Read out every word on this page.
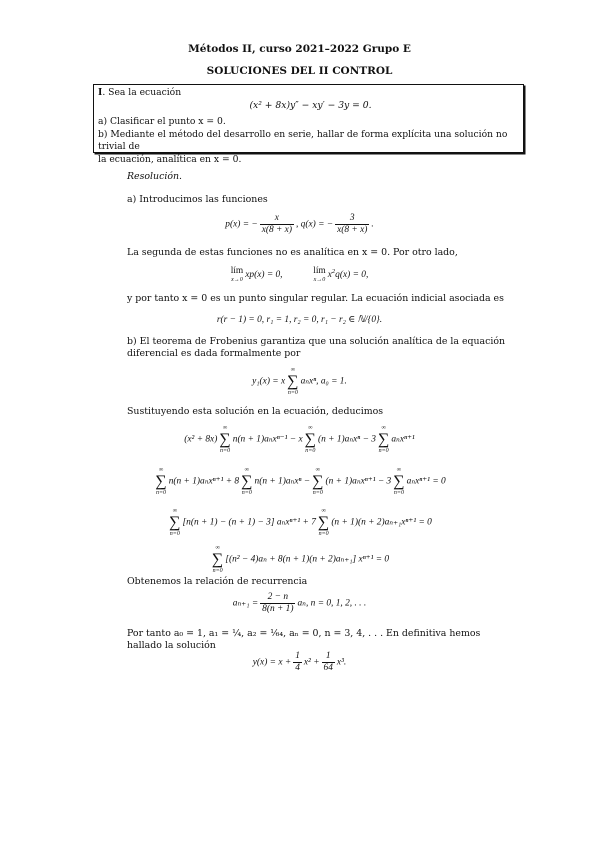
Métodos II, curso 2021–2022 Grupo E
SOLUCIONES DEL II CONTROL

I. Sea la ecuación

(x² + 8x)y″ − xy′ − 3y = 0.

a) Clasificar el punto x = 0.

b) Mediante el método del desarrollo en serie, hallar de forma explícita una solución no trivial de

la ecuación, analítica en x = 0.

Resolución.
a) Introducimos las funciones
p(x) = − $\frac{x}{x(8 + x)}$ , q(x) = − $\frac{3}{x(8 + x)}$ .
La segunda de estas funciones no es analítica en x = 0. Por otro lado,
lím
x→0 xp(x) = 0,	lím
x→0 $x^2q(x) = 0$,
y por tanto x = 0 es un punto singular regular. La ecuación indicial asociada es
r(r − 1) = 0, r₁ = 1, r₂ = 0, r₁ − r₂ ∈ ℕ/{0}.
b) El teorema de Frobenius garantiza que una solución analítica de la equación
diferencial es dada formalmente por
y₁(x) = x
∞
∑
n=0
aₙxⁿ, a₀ = 1.
Sustituyendo esta solución en la ecuación, deducimos
(x² + 8x)
∞
∑
n=0
n(n + 1)aₙxⁿ⁻¹ − x
∞
∑
n=0
(n + 1)aₙxⁿ − 3
∞
∑
n=0
aₙxⁿ⁺¹
∞
∑
n=0
n(n + 1)aₙxⁿ⁺¹ + 8
∞
∑
n=0
n(n + 1)aₙxⁿ −
∞
∑
n=0
(n + 1)aₙxⁿ⁺¹ − 3
∞
∑
n=0
aₙxⁿ⁺¹ = 0
∞
∑
n=0
[n(n + 1) − (n + 1) − 3] aₙxⁿ⁺¹ + 7
∞
∑
n=0
(n + 1)(n + 2)aₙ₊₁xⁿ⁺¹ = 0
∞
∑
n=0
[(n² − 4)aₙ + 8(n + 1)(n + 2)aₙ₊₁] xⁿ⁺¹ = 0
Obtenemos la relación de recurrencia
$a_{n+1} = \frac{2 - n}{8(n + 1)} a_n$, n = 0, 1, 2, . . .
Por tanto a₀ = 1, a₁ = ¼, a₂ = ¹⁄₆₄, aₙ = 0, n = 3, 4, . . . En definitiva hemos
hallado la solución
$y(x) = x + \frac{1}{4} x^2 + \frac{1}{64} x^3$.
